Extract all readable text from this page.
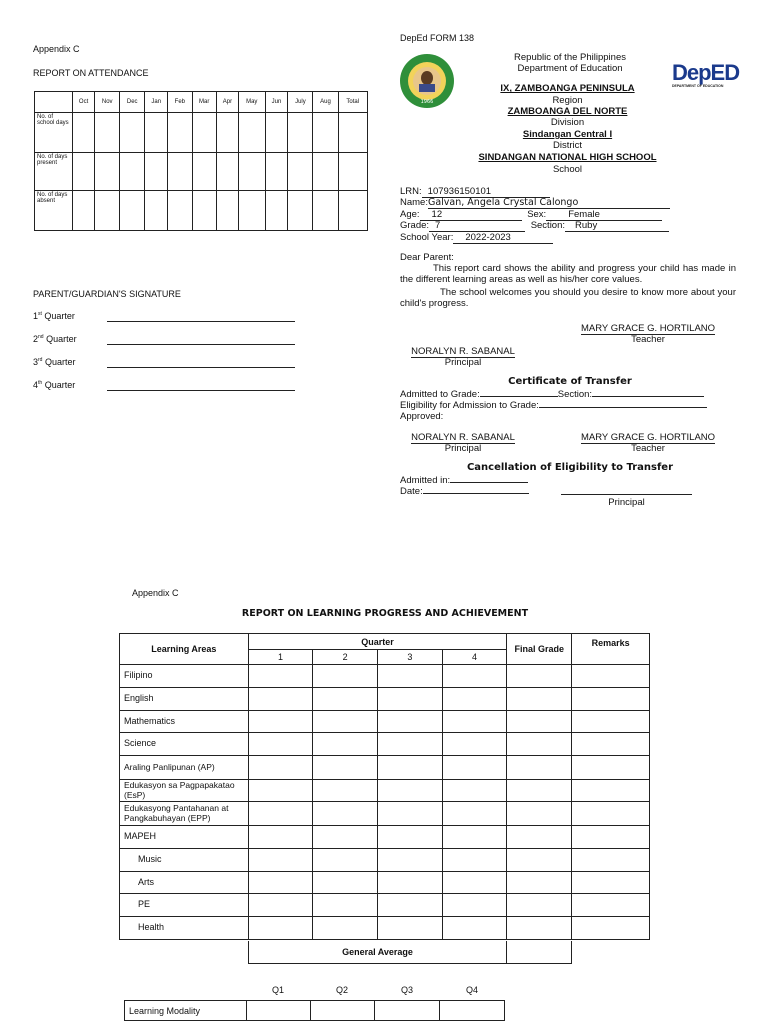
Appendix C
REPORT ON ATTENDANCE
	Oct	Nov	Dec	Jan	Feb	Mar	Apr	May	Jun	July	Aug	Total
No. of school days												
No. of days present												
No. of days absent												
PARENT/GUARDIAN'S SIGNATURE
1st Quarter
2nd Quarter
3rd Quarter
4th Quarter
DepEd FORM 138
1966
Republic of the Philippines
Department of Education
IX, ZAMBOANGA PENINSULA
Region
ZAMBOANGA DEL NORTE
Division
Sindangan Central I
District
SINDANGAN NATIONAL HIGH SCHOOL
School
DepED
DEPARTMENT OF EDUCATION
LRN: 107936150101
Name:Galvan, Angela Crystal Calongo
Age: 12	Sex: Female
Grade: 7	Section: Ruby
School Year: 2022-2023
Dear Parent:
This report card shows the ability and progress your child has made in the different learning areas as well as his/her core values.
The school welcomes you should you desire to know more about your child's progress.
MARY GRACE G. HORTILANO
Teacher
NORALYN R. SABANAL
Principal
Certificate of Transfer
Admitted to Grade:	Section:
Eligibility for Admission to Grade:
Approved:
NORALYN R. SABANAL
Principal
MARY GRACE G. HORTILANO
Teacher
Cancellation of Eligibility to Transfer
Admitted in:
Date:
Principal
Appendix C
REPORT ON LEARNING PROGRESS AND ACHIEVEMENT
Learning Areas	Quarter				Final Grade	Remarks
	1	2	3	4		
Filipino						
English						
Mathematics						
Science						
Araling Panlipunan (AP)						
Edukasyon sa Pagpapakatao (EsP)						
Edukasyong Pantahanan at Pangkabuhayan (EPP)						
MAPEH						
Music						
Arts						
PE						
Health						
General Average
Q1	Q2	Q3	Q4
Learning Modality				
